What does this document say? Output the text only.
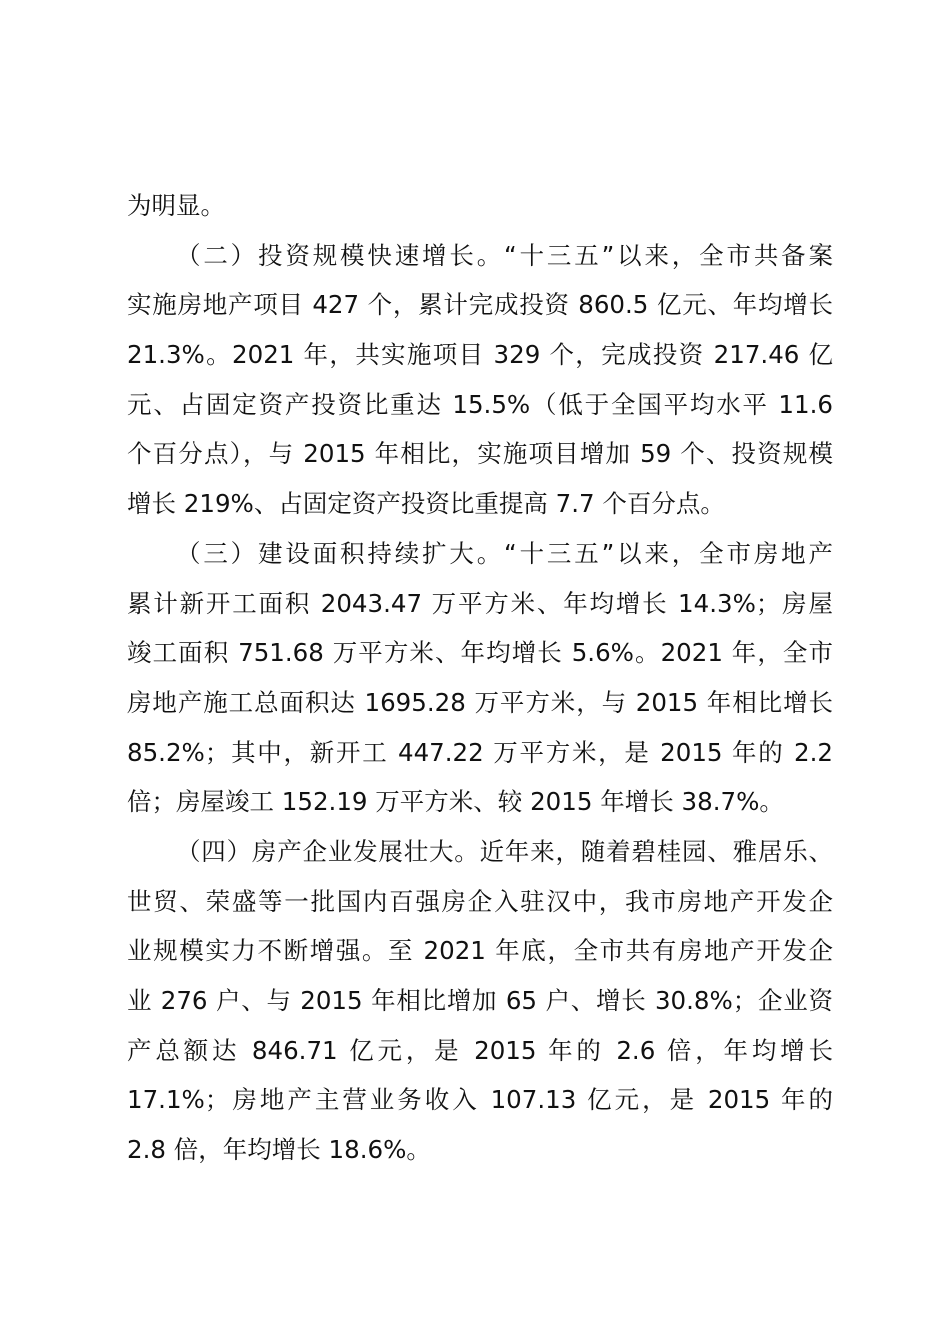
为明显。
（二）投资规模快速增长。“十三五”以来，全市共备案
实施房地产项目 427 个，累计完成投资 860.5 亿元、年均增长
21.3%。2021 年，共实施项目 329 个，完成投资 217.46 亿
元、占固定资产投资比重达 15.5%（低于全国平均水平 11.6
个百分点），与 2015 年相比，实施项目增加 59 个、投资规模
增长 219%、占固定资产投资比重提高 7.7 个百分点。
（三）建设面积持续扩大。“十三五”以来，全市房地产
累计新开工面积 2043.47 万平方米、年均增长 14.3%；房屋
竣工面积 751.68 万平方米、年均增长 5.6%。2021 年，全市
房地产施工总面积达 1695.28 万平方米，与 2015 年相比增长
85.2%；其中，新开工 447.22 万平方米，是 2015 年的 2.2
倍；房屋竣工 152.19 万平方米、较 2015 年增长 38.7%。
（四）房产企业发展壮大。近年来，随着碧桂园、雅居乐、
世贸、荣盛等一批国内百强房企入驻汉中，我市房地产开发企
业规模实力不断增强。至 2021 年底，全市共有房地产开发企
业 276 户、与 2015 年相比增加 65 户、增长 30.8%；企业资
产总额达 846.71 亿元，是 2015 年的 2.6 倍，年均增长
17.1%；房地产主营业务收入 107.13 亿元，是 2015 年的
2.8 倍，年均增长 18.6%。
